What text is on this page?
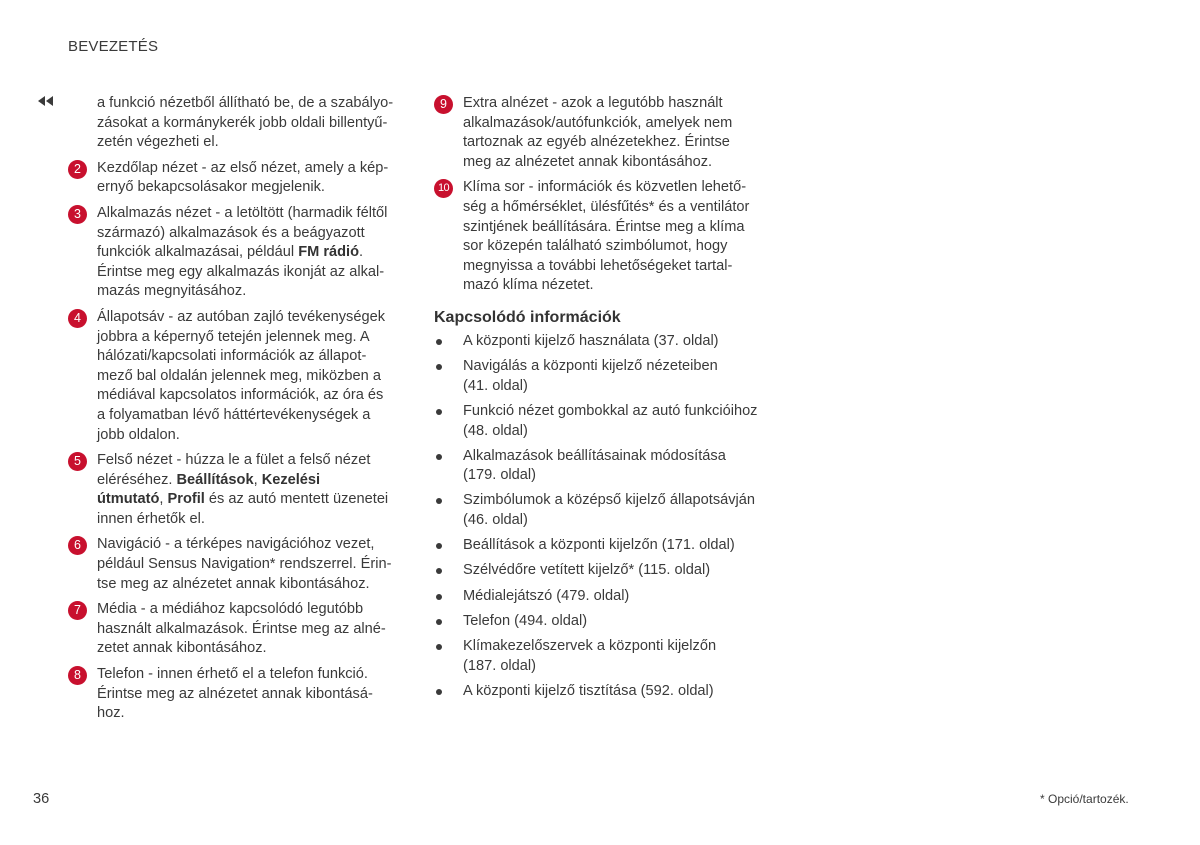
BEVEZETÉS
a funkció nézetből állítható be, de a szabályo-
zásokat a kormánykerék jobb oldali billentyű-
zetén végezheti el.
2	Kezdőlap nézet - az első nézet, amely a kép-
ernyő bekapcsolásakor megjelenik.
3	Alkalmazás nézet - a letöltött (harmadik féltől
származó) alkalmazások és a beágyazott
funkciók alkalmazásai, például FM rádió.
Érintse meg egy alkalmazás ikonját az alkal-
mazás megnyitásához.
4	Állapotsáv - az autóban zajló tevékenységek
jobbra a képernyő tetején jelennek meg. A
hálózati/kapcsolati információk az állapot-
mező bal oldalán jelennek meg, miközben a
médiával kapcsolatos információk, az óra és
a folyamatban lévő háttértevékenységek a
jobb oldalon.
5	Felső nézet - húzza le a fület a felső nézet
eléréséhez. Beállítások, Kezelési
útmutató, Profil és az autó mentett üzenetei
innen érhetők el.
6	Navigáció - a térképes navigációhoz vezet,
például Sensus Navigation* rendszerrel. Érin-
tse meg az alnézetet annak kibontásához.
7	Média - a médiához kapcsolódó legutóbb
használt alkalmazások. Érintse meg az alné-
zetet annak kibontásához.
8	Telefon - innen érhető el a telefon funkció.
Érintse meg az alnézetet annak kibontásá-
hoz.
9	Extra alnézet - azok a legutóbb használt
alkalmazások/autófunkciók, amelyek nem
tartoznak az egyéb alnézetekhez. Érintse
meg az alnézetet annak kibontásához.
10 Klíma sor - információk és közvetlen lehető-
ség a hőmérséklet, ülésfűtés* és a ventilátor
szintjének beállítására. Érintse meg a klíma
sor közepén található szimbólumot, hogy
megnyissa a további lehetőségeket tartal-
mazó klíma nézetet.
Kapcsolódó információk
A központi kijelző használata (37. oldal)
Navigálás a központi kijelző nézeteiben
(41. oldal)
Funkció nézet gombokkal az autó funkcióihoz
(48. oldal)
Alkalmazások beállításainak módosítása
(179. oldal)
Szimbólumok a középső kijelző állapotsávján
(46. oldal)
Beállítások a központi kijelzőn (171. oldal)
Szélvédőre vetített kijelző* (115. oldal)
Médialejátszó (479. oldal)
Telefon (494. oldal)
Klímakezelőszervek a központi kijelzőn
(187. oldal)
A központi kijelző tisztítása (592. oldal)
36	* Opció/tartozék.
